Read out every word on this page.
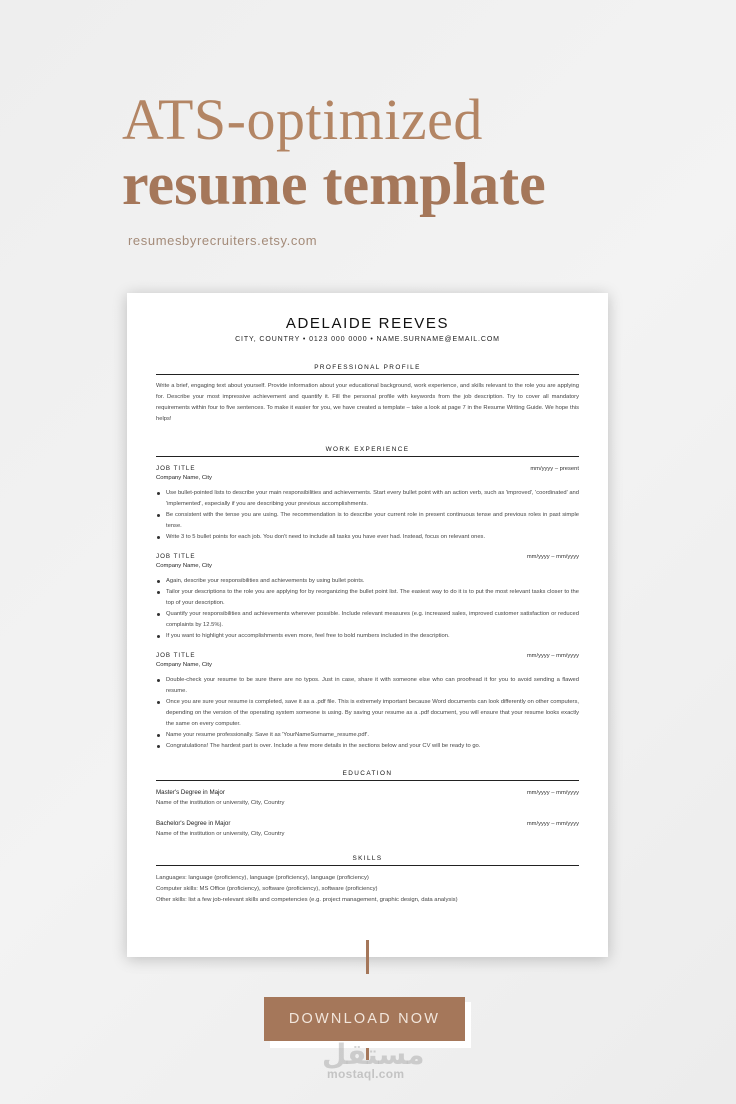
ATS-optimized
resume template
resumesbyrecruiters.etsy.com
ADELAIDE REEVES
CITY, COUNTRY • 0123 000 0000 • NAME.SURNAME@EMAIL.COM
PROFESSIONAL PROFILE
Write a brief, engaging text about yourself. Provide information about your educational background, work experience, and skills relevant to the role you are applying for. Describe your most impressive achievement and quantify it. Fill the personal profile with keywords from the job description. Try to cover all mandatory requirements within four to five sentences. To make it easier for you, we have created a template – take a look at page 7 in the Resume Writing Guide. We hope this helps!
WORK EXPERIENCE
JOB TITLE	mm/yyyy – present
Company Name, City
Use bullet-pointed lists to describe your main responsibilities and achievements. Start every bullet point with an action verb, such as 'improved', 'coordinated' and 'implemented', especially if you are describing your previous accomplishments.
Be consistent with the tense you are using. The recommendation is to describe your current role in present continuous tense and previous roles in past simple tense.
Write 3 to 5 bullet points for each job. You don't need to include all tasks you have ever had. Instead, focus on relevant ones.
JOB TITLE	mm/yyyy – mm/yyyy
Company Name, City
Again, describe your responsibilities and achievements by using bullet points.
Tailor your descriptions to the role you are applying for by reorganizing the bullet point list. The easiest way to do it is to put the most relevant tasks closer to the top of your description.
Quantify your responsibilities and achievements wherever possible. Include relevant measures (e.g. increased sales, improved customer satisfaction or reduced complaints by 12.5%).
If you want to highlight your accomplishments even more, feel free to bold numbers included in the description.
JOB TITLE	mm/yyyy – mm/yyyy
Company Name, City
Double-check your resume to be sure there are no typos. Just in case, share it with someone else who can proofread it for you to avoid sending a flawed resume.
Once you are sure your resume is completed, save it as a .pdf file. This is extremely important because Word documents can look differently on other computers, depending on the version of the operating system someone is using. By saving your resume as a .pdf document, you will ensure that your resume looks exactly the same on every computer.
Name your resume professionally. Save it as 'YourNameSurname_resume.pdf'.
Congratulations! The hardest part is over. Include a few more details in the sections below and your CV will be ready to go.
EDUCATION
Master's Degree in Major	mm/yyyy – mm/yyyy
Name of the institution or university, City, Country
Bachelor's Degree in Major	mm/yyyy – mm/yyyy
Name of the institution or university, City, Country
SKILLS
Languages: language (proficiency), language (proficiency), language (proficiency)
Computer skills: MS Office (proficiency), software (proficiency), software (proficiency)
Other skills: list a few job-relevant skills and competencies (e.g. project management, graphic design, data analysis)
DOWNLOAD NOW
مستقل
mostaql.com
